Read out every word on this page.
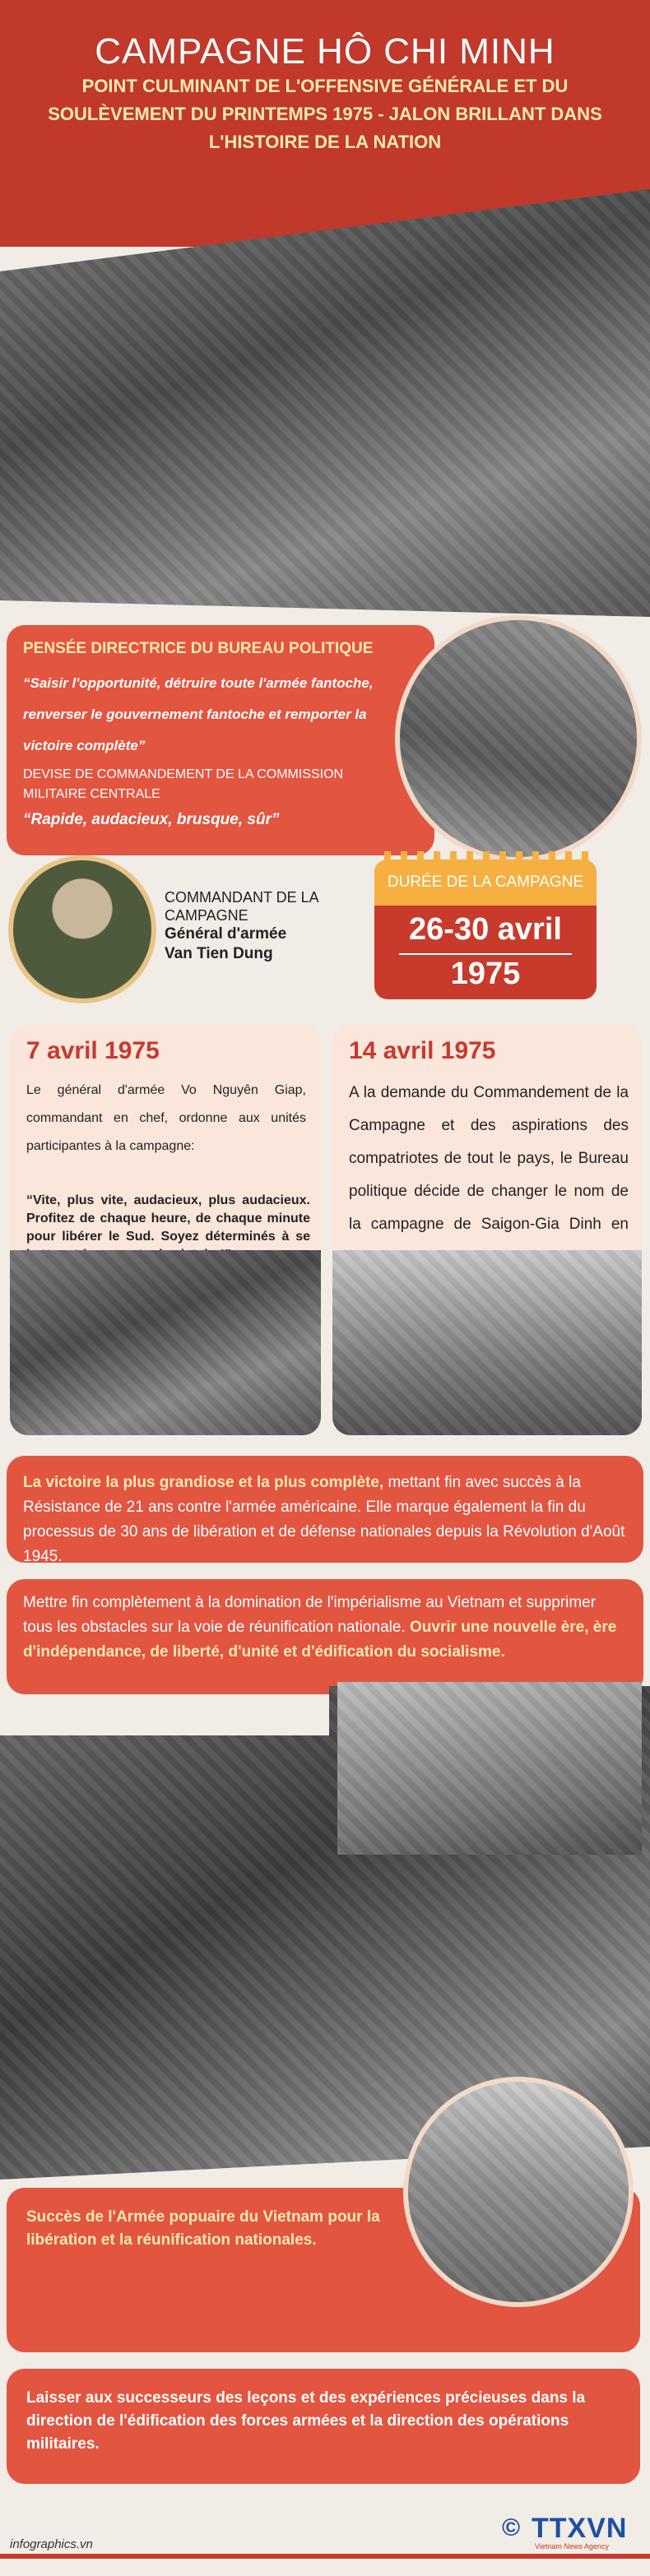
CAMPAGNE HÔ CHI MINH
POINT CULMINANT DE L'OFFENSIVE GÉNÉRALE ET DU SOULÈVEMENT DU PRINTEMPS 1975 - JALON BRILLANT DANS L'HISTOIRE DE LA NATION
PENSÉE DIRECTRICE DU BUREAU POLITIQUE
“Saisir l'opportunité, détruire toute l'armée fantoche, renverser le gouvernement fantoche et remporter la victoire complète”
DEVISE DE COMMANDEMENT DE LA COMMISSION MILITAIRE CENTRALE
“Rapide, audacieux, brusque, sûr”
COMMANDANT DE LA CAMPAGNE
Général d'armée
Van Tien Dung
DURÉE DE LA CAMPAGNE
26-30 avril
1975
7 avril 1975
Le général d'armée Vo Nguyên Giap, commandant en chef, ordonne aux unités participantes à la campagne:
“Vite, plus vite, audacieux, plus audacieux. Profitez de chaque heure, de chaque minute pour libérer le Sud. Soyez déterminés à se
14 avril 1975
A la demande du Commandement de la Campagne et des aspirations des compatriotes de tout le pays, le Bureau politique décide de changer le nom de la campagne de Saigon-Gia Dinh en
La victoire la plus grandiose et la plus complète, mettant fin avec succès à la Résistance de 21 ans contre l'armée américaine. Elle marque également la fin du processus de 30 ans de libération et de défense nationales depuis la Révolution d'Août 1945.
Mettre fin complètement à la domination de l'impérialisme au Vietnam et supprimer tous les obstacles sur la voie de réunification nationale. Ouvrir une nouvelle ère, ère d'indépendance, de liberté, d'unité et d'édification du socialisme.
Succès de l'Armée popuaire du Vietnam pour la libération et la réunification nationales.
Laisser aux successeurs des leçons et des expériences précieuses dans la direction de l'édification des forces armées et la direction des opérations militaires.
infographics.vn
© TTXVN
Vietnam News Agency
